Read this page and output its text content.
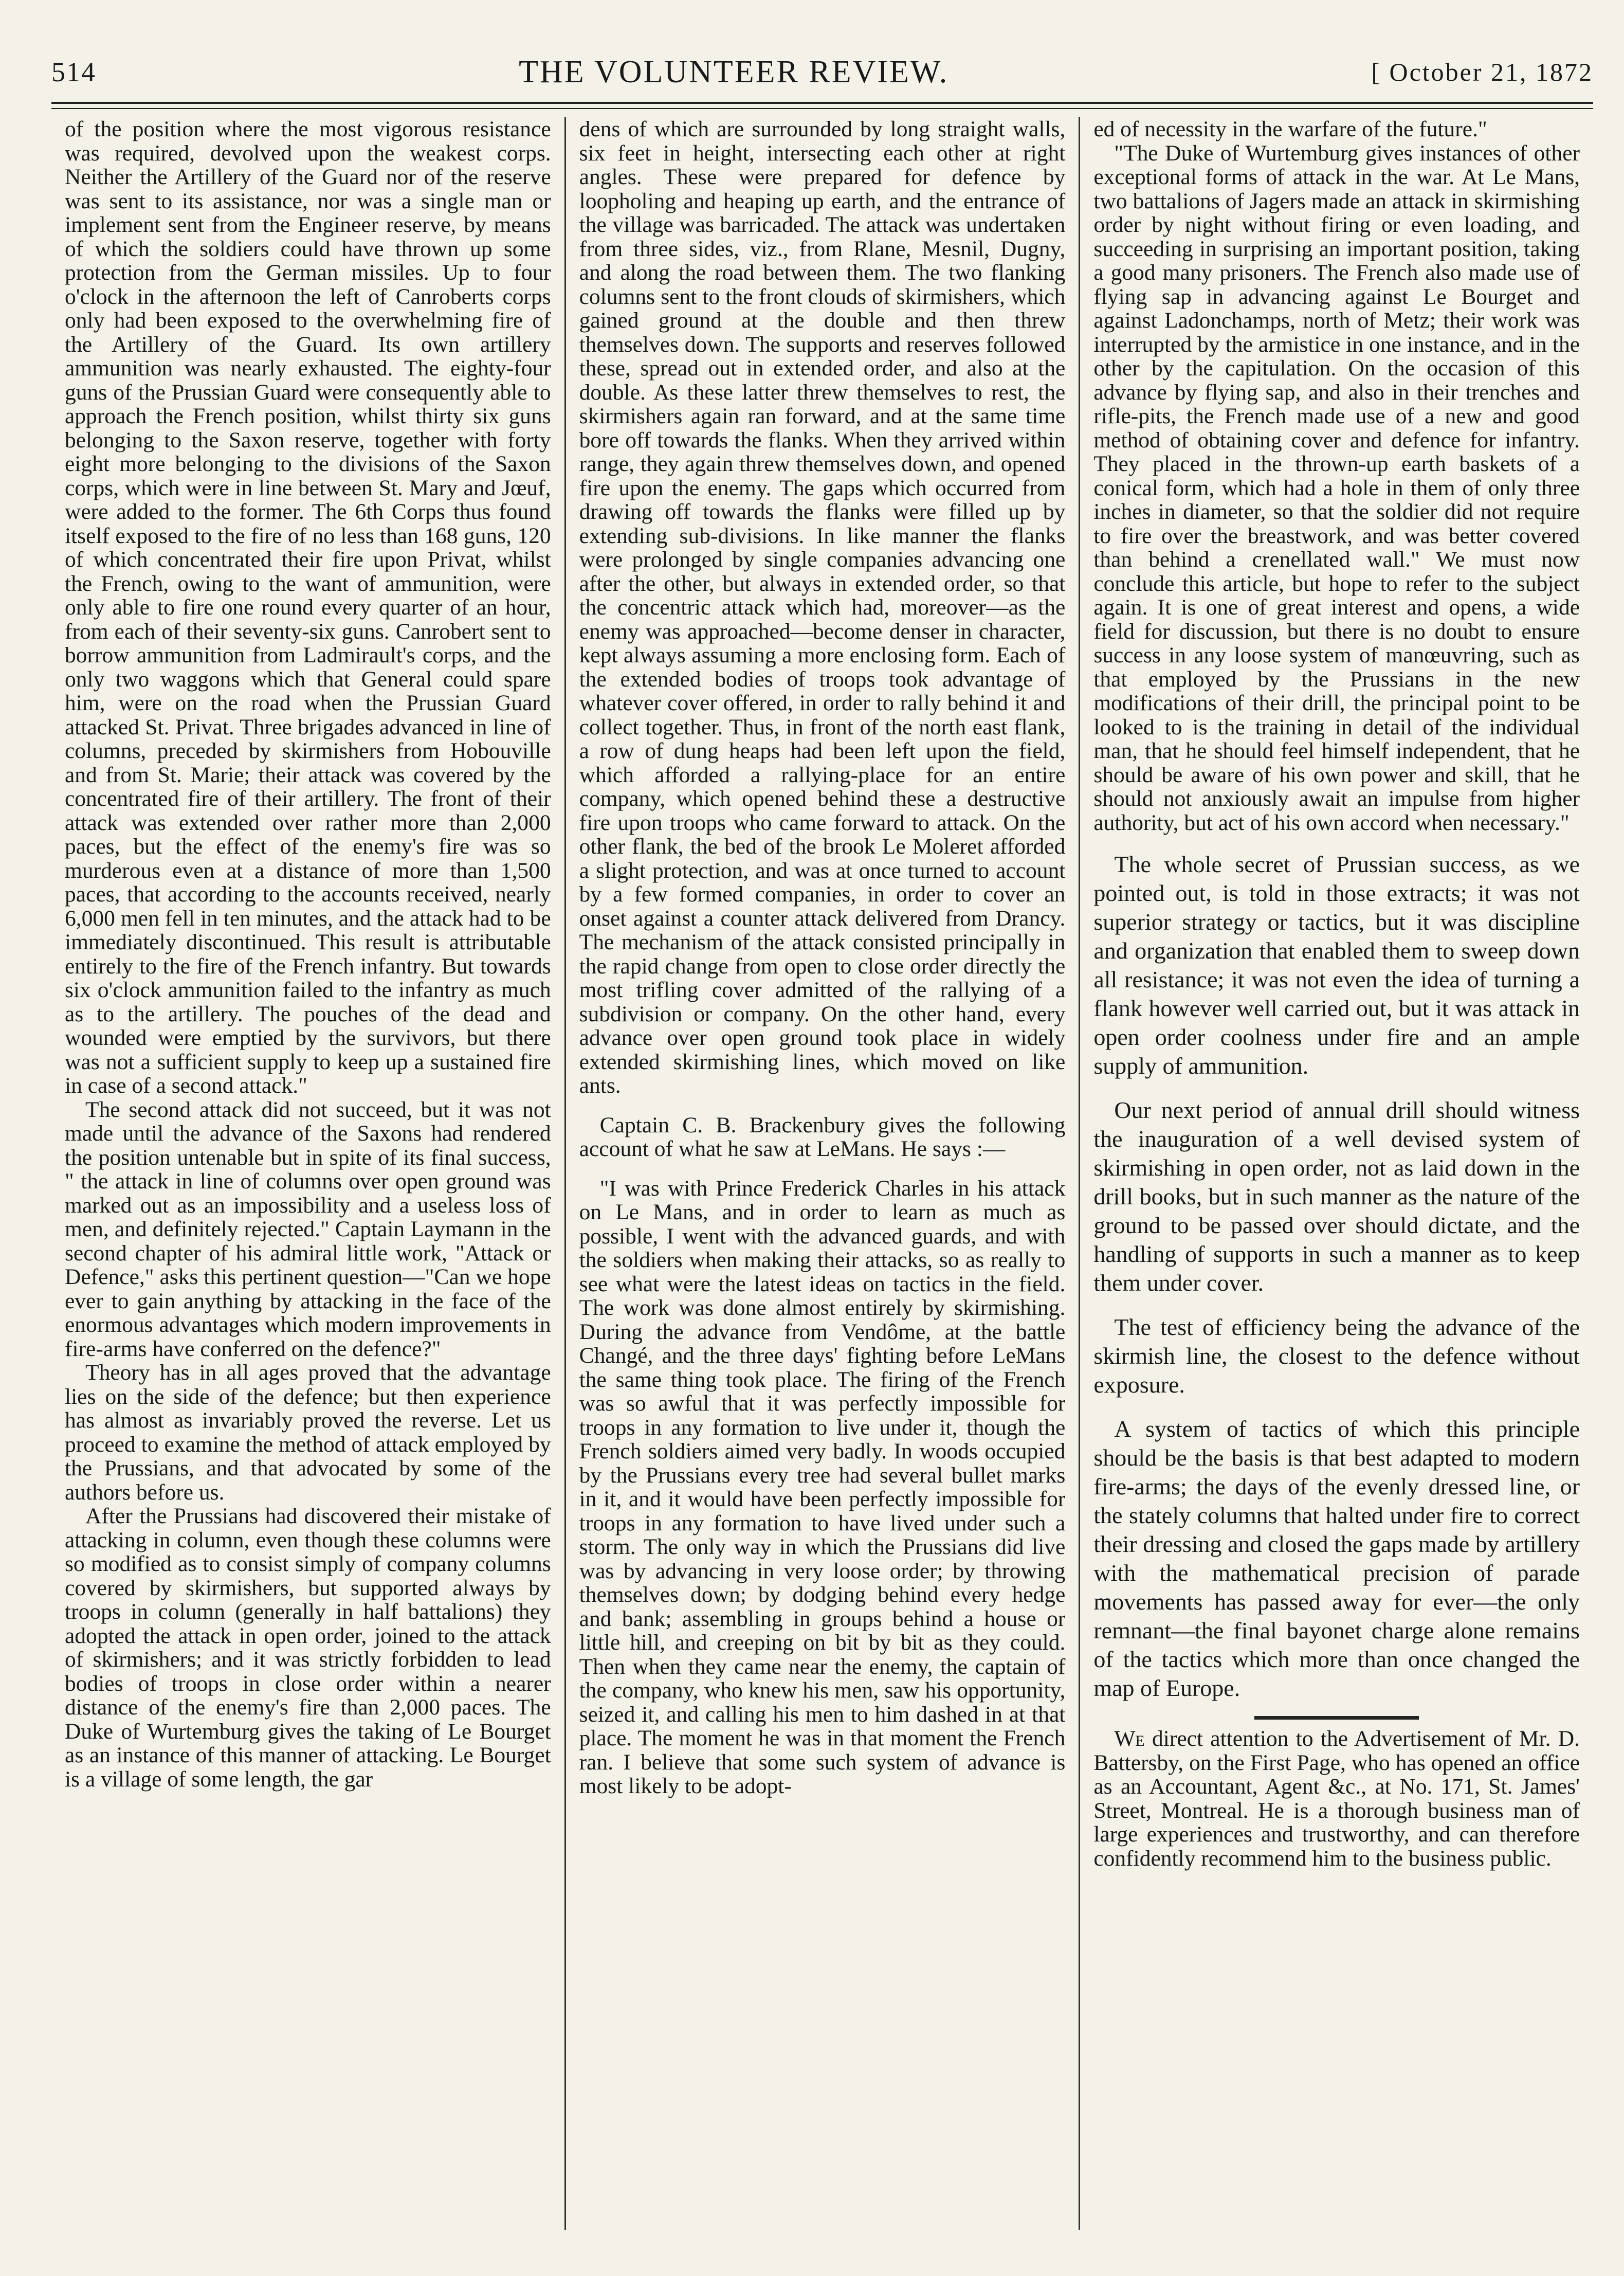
514	THE VOLUNTEER REVIEW.	[ October 21, 1872

of the position where the most vigorous resistance was required, devolved upon the weakest corps. Neither the Artillery of the Guard nor of the reserve was sent to its assistance, nor was a single man or implement sent from the Engineer reserve, by means of which the soldiers could have thrown up some protection from the German missiles. Up to four o'clock in the afternoon the left of Canroberts corps only had been exposed to the overwhelming fire of the Artillery of the Guard. Its own artillery ammunition was nearly exhausted. The eighty-four guns of the Prussian Guard were consequently able to approach the French position, whilst thirty six guns belonging to the Saxon reserve, together with forty eight more belonging to the divisions of the Saxon corps, which were in line between St. Mary and Jœuf, were added to the former. The 6th Corps thus found itself exposed to the fire of no less than 168 guns, 120 of which concentrated their fire upon Privat, whilst the French, owing to the want of ammunition, were only able to fire one round every quarter of an hour, from each of their seventy-six guns. Canrobert sent to borrow ammunition from Ladmirault's corps, and the only two waggons which that General could spare him, were on the road when the Prussian Guard attacked St. Privat. Three brigades advanced in line of columns, preceded by skirmishers from Hobouville and from St. Marie; their attack was covered by the concentrated fire of their artillery. The front of their attack was extended over rather more than 2,000 paces, but the effect of the enemy's fire was so murderous even at a distance of more than 1,500 paces, that according to the accounts received, nearly 6,000 men fell in ten minutes, and the attack had to be immediately discontinued. This result is attributable entirely to the fire of the French infantry. But towards six o'clock ammunition failed to the infantry as much as to the artillery. The pouches of the dead and wounded were emptied by the survivors, but there was not a sufficient supply to keep up a sustained fire in case of a second attack."

The second attack did not succeed, but it was not made until the advance of the Saxons had rendered the position untenable but in spite of its final success, " the attack in line of columns over open ground was marked out as an impossibility and a useless loss of men, and definitely rejected." Captain Laymann in the second chapter of his admiral little work, "Attack or Defence," asks this pertinent question—"Can we hope ever to gain anything by attacking in the face of the enormous advantages which modern improvements in fire-arms have conferred on the defence?"

Theory has in all ages proved that the advantage lies on the side of the defence; but then experience has almost as invariably proved the reverse. Let us proceed to examine the method of attack employed by the Prussians, and that advocated by some of the authors before us.

After the Prussians had discovered their mistake of attacking in column, even though these columns were so modified as to consist simply of company columns covered by skirmishers, but supported always by troops in column (generally in half battalions) they adopted the attack in open order, joined to the attack of skirmishers; and it was strictly forbidden to lead bodies of troops in close order within a nearer distance of the enemy's fire than 2,000 paces. The Duke of Wurtemburg gives the taking of Le Bourget as an instance of this manner of attacking. Le Bourget is a village of some length, the gar

dens of which are surrounded by long straight walls, six feet in height, intersecting each other at right angles. These were prepared for defence by loopholing and heaping up earth, and the entrance of the village was barricaded. The attack was undertaken from three sides, viz., from Rlane, Mesnil, Dugny, and along the road between them. The two flanking columns sent to the front clouds of skirmishers, which gained ground at the double and then threw themselves down. The supports and reserves followed these, spread out in extended order, and also at the double. As these latter threw themselves to rest, the skirmishers again ran forward, and at the same time bore off towards the flanks. When they arrived within range, they again threw themselves down, and opened fire upon the enemy. The gaps which occurred from drawing off towards the flanks were filled up by extending sub-divisions. In like manner the flanks were prolonged by single companies advancing one after the other, but always in extended order, so that the concentric attack which had, moreover—as the enemy was approached—become denser in character, kept always assuming a more enclosing form. Each of the extended bodies of troops took advantage of whatever cover offered, in order to rally behind it and collect together. Thus, in front of the north east flank, a row of dung heaps had been left upon the field, which afforded a rallying-place for an entire company, which opened behind these a destructive fire upon troops who came forward to attack. On the other flank, the bed of the brook Le Moleret afforded a slight protection, and was at once turned to account by a few formed companies, in order to cover an onset against a counter attack delivered from Drancy. The mechanism of the attack consisted principally in the rapid change from open to close order directly the most trifling cover admitted of the rallying of a subdivision or company. On the other hand, every advance over open ground took place in widely extended skirmishing lines, which moved on like ants.

Captain C. B. Brackenbury gives the following account of what he saw at LeMans. He says :—

"I was with Prince Frederick Charles in his attack on Le Mans, and in order to learn as much as possible, I went with the advanced guards, and with the soldiers when making their attacks, so as really to see what were the latest ideas on tactics in the field. The work was done almost entirely by skirmishing. During the advance from Vendôme, at the battle Changé, and the three days' fighting before LeMans the same thing took place. The firing of the French was so awful that it was perfectly impossible for troops in any formation to live under it, though the French soldiers aimed very badly. In woods occupied by the Prussians every tree had several bullet marks in it, and it would have been perfectly impossible for troops in any formation to have lived under such a storm. The only way in which the Prussians did live was by advancing in very loose order; by throwing themselves down; by dodging behind every hedge and bank; assembling in groups behind a house or little hill, and creeping on bit by bit as they could. Then when they came near the enemy, the captain of the company, who knew his men, saw his opportunity, seized it, and calling his men to him dashed in at that place. The moment he was in that moment the French ran. I believe that some such system of advance is most likely to be adopt-

ed of necessity in the warfare of the future."

"The Duke of Wurtemburg gives instances of other exceptional forms of attack in the war. At Le Mans, two battalions of Jagers made an attack in skirmishing order by night without firing or even loading, and succeeding in surprising an important position, taking a good many prisoners. The French also made use of flying sap in advancing against Le Bourget and against Ladonchamps, north of Metz; their work was interrupted by the armistice in one instance, and in the other by the capitulation. On the occasion of this advance by flying sap, and also in their trenches and rifle-pits, the French made use of a new and good method of obtaining cover and defence for infantry. They placed in the thrown-up earth baskets of a conical form, which had a hole in them of only three inches in diameter, so that the soldier did not require to fire over the breastwork, and was better covered than behind a crenellated wall." We must now conclude this article, but hope to refer to the subject again. It is one of great interest and opens, a wide field for discussion, but there is no doubt to ensure success in any loose system of manœuvring, such as that employed by the Prussians in the new modifications of their drill, the principal point to be looked to is the training in detail of the individual man, that he should feel himself independent, that he should be aware of his own power and skill, that he should not anxiously await an impulse from higher authority, but act of his own accord when necessary."

The whole secret of Prussian success, as we pointed out, is told in those extracts; it was not superior strategy or tactics, but it was discipline and organization that enabled them to sweep down all resistance; it was not even the idea of turning a flank however well carried out, but it was attack in open order coolness under fire and an ample supply of ammunition.

Our next period of annual drill should witness the inauguration of a well devised system of skirmishing in open order, not as laid down in the drill books, but in such manner as the nature of the ground to be passed over should dictate, and the handling of supports in such a manner as to keep them under cover.

The test of efficiency being the advance of the skirmish line, the closest to the defence without exposure.

A system of tactics of which this principle should be the basis is that best adapted to modern fire-arms; the days of the evenly dressed line, or the stately columns that halted under fire to correct their dressing and closed the gaps made by artillery with the mathematical precision of parade movements has passed away for ever—the only remnant—the final bayonet charge alone remains of the tactics which more than once changed the map of Europe.

We direct attention to the Advertisement of Mr. D. Battersby, on the First Page, who has opened an office as an Accountant, Agent &c., at No. 171, St. James' Street, Montreal. He is a thorough business man of large experiences and trustworthy, and can therefore confidently recommend him to the business public.
